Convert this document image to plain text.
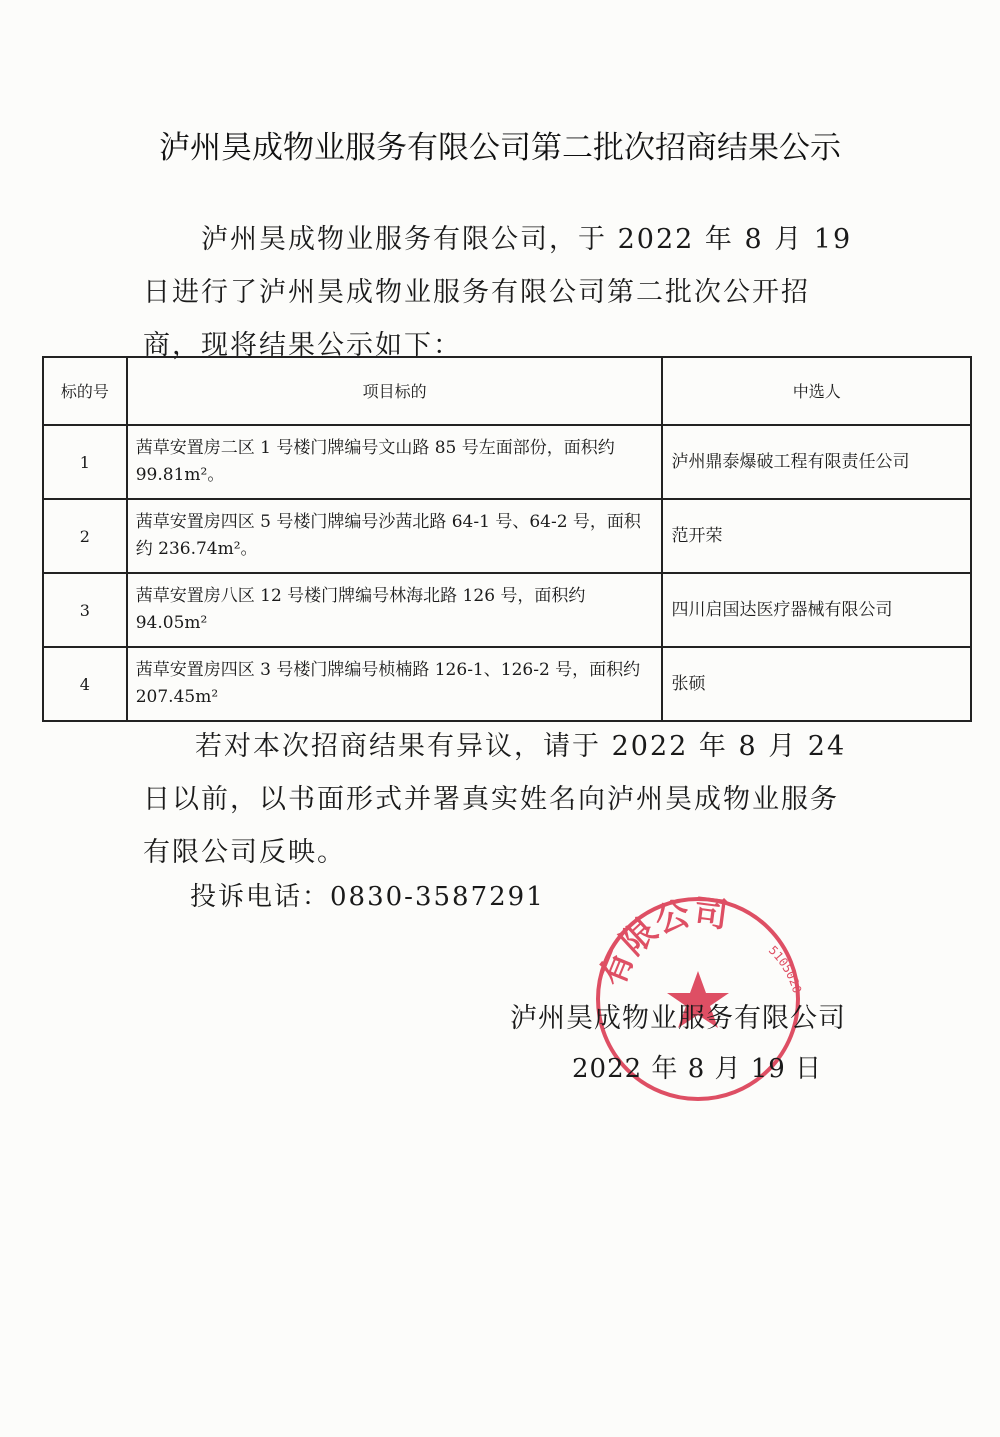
泸州昊成物业服务有限公司第二批次招商结果公示
泸州昊成物业服务有限公司，于 2022 年 8 月 19 日进行了泸州昊成物业服务有限公司第二批次公开招商，现将结果公示如下：
标的号	项目标的	中选人
1	茜草安置房二区 1 号楼门牌编号文山路 85 号左面部份，面积约 99.81m²。	泸州鼎泰爆破工程有限责任公司
2	茜草安置房四区 5 号楼门牌编号沙茜北路 64-1 号、64-2 号，面积约 236.74m²。	范开荣
3	茜草安置房八区 12 号楼门牌编号林海北路 126 号，面积约 94.05m²	四川启国达医疗器械有限公司
4	茜草安置房四区 3 号楼门牌编号桢楠路 126-1、126-2 号，面积约 207.45m²	张硕
若对本次招商结果有异议，请于 2022 年 8 月 24 日以前，以书面形式并署真实姓名向泸州昊成物业服务有限公司反映。
投诉电话：0830-3587291
有限公司
5105020
泸州昊成物业服务有限公司
2022 年 8 月 19 日
